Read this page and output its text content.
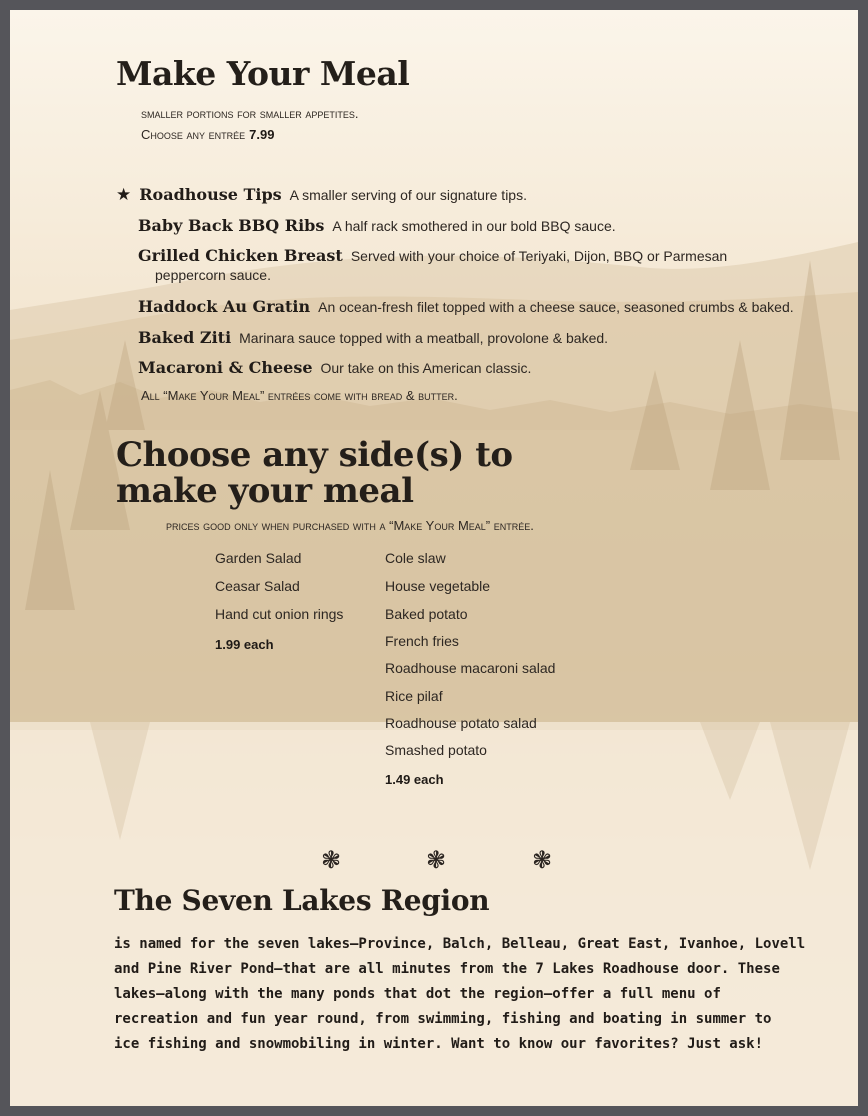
Make Your Meal
smaller portions for smaller appetites.
Choose any entrée 7.99
★ Roadhouse Tips A smaller serving of our signature tips.
Baby Back BBQ Ribs A half rack smothered in our bold BBQ sauce.
Grilled Chicken Breast Served with your choice of Teriyaki, Dijon, BBQ or Parmesan
peppercorn sauce.
Haddock Au Gratin An ocean-fresh filet topped with a cheese sauce, seasoned crumbs & baked.
Baked Ziti Marinara sauce topped with a meatball, provolone & baked.
Macaroni & Cheese Our take on this American classic.
All “Make Your Meal” entrées come with bread & butter.
Choose any side(s) to
make your meal
prices good only when purchased with a “Make Your Meal” entrée.
Garden Salad
Ceasar Salad
Hand cut onion rings
1.99 each
Cole slaw
House vegetable
Baked potato
French fries
Roadhouse macaroni salad
Rice pilaf
Roadhouse potato salad
Smashed potato
1.49 each
❃	❃	❃
The Seven Lakes Region
is named for the seven lakes—Province, Balch, Belleau, Great East, Ivanhoe, Lovell
and Pine River Pond—that are all minutes from the 7 Lakes Roadhouse door. These
lakes—along with the many ponds that dot the region—offer a full menu of
recreation and fun year round, from swimming, fishing and boating in summer to
ice fishing and snowmobiling in winter. Want to know our favorites? Just ask!
